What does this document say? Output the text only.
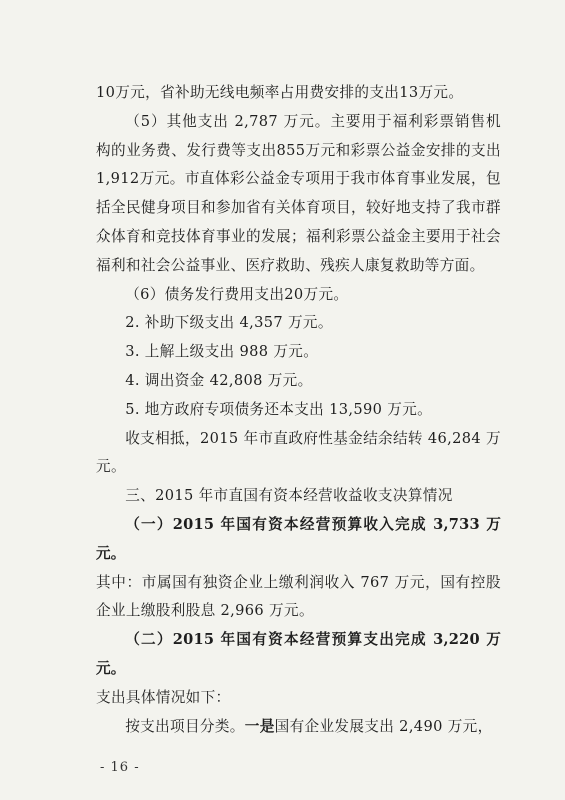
10万元，省补助无线电频率占用费安排的支出13万元。

（5）其他支出 2,787 万元。主要用于福利彩票销售机构的业务费、发行费等支出855万元和彩票公益金安排的支出1,912万元。市直体彩公益金专项用于我市体育事业发展，包括全民健身项目和参加省有关体育项目，较好地支持了我市群众体育和竞技体育事业的发展；福利彩票公益金主要用于社会福利和社会公益事业、医疗救助、残疾人康复救助等方面。

（6）债务发行费用支出20万元。

2. 补助下级支出 4,357 万元。

3. 上解上级支出 988 万元。

4. 调出资金 42,808 万元。

5. 地方政府专项债务还本支出 13,590 万元。

收支相抵，2015 年市直政府性基金结余结转 46,284 万元。

三、2015 年市直国有资本经营收益收支决算情况

（一）2015 年国有资本经营预算收入完成 3,733 万元。

其中：市属国有独资企业上缴利润收入 767 万元，国有控股企业上缴股利股息 2,966 万元。

（二）2015 年国有资本经营预算支出完成 3,220 万元。

支出具体情况如下：

按支出项目分类。一是国有企业发展支出 2,490 万元，

- 16 -
